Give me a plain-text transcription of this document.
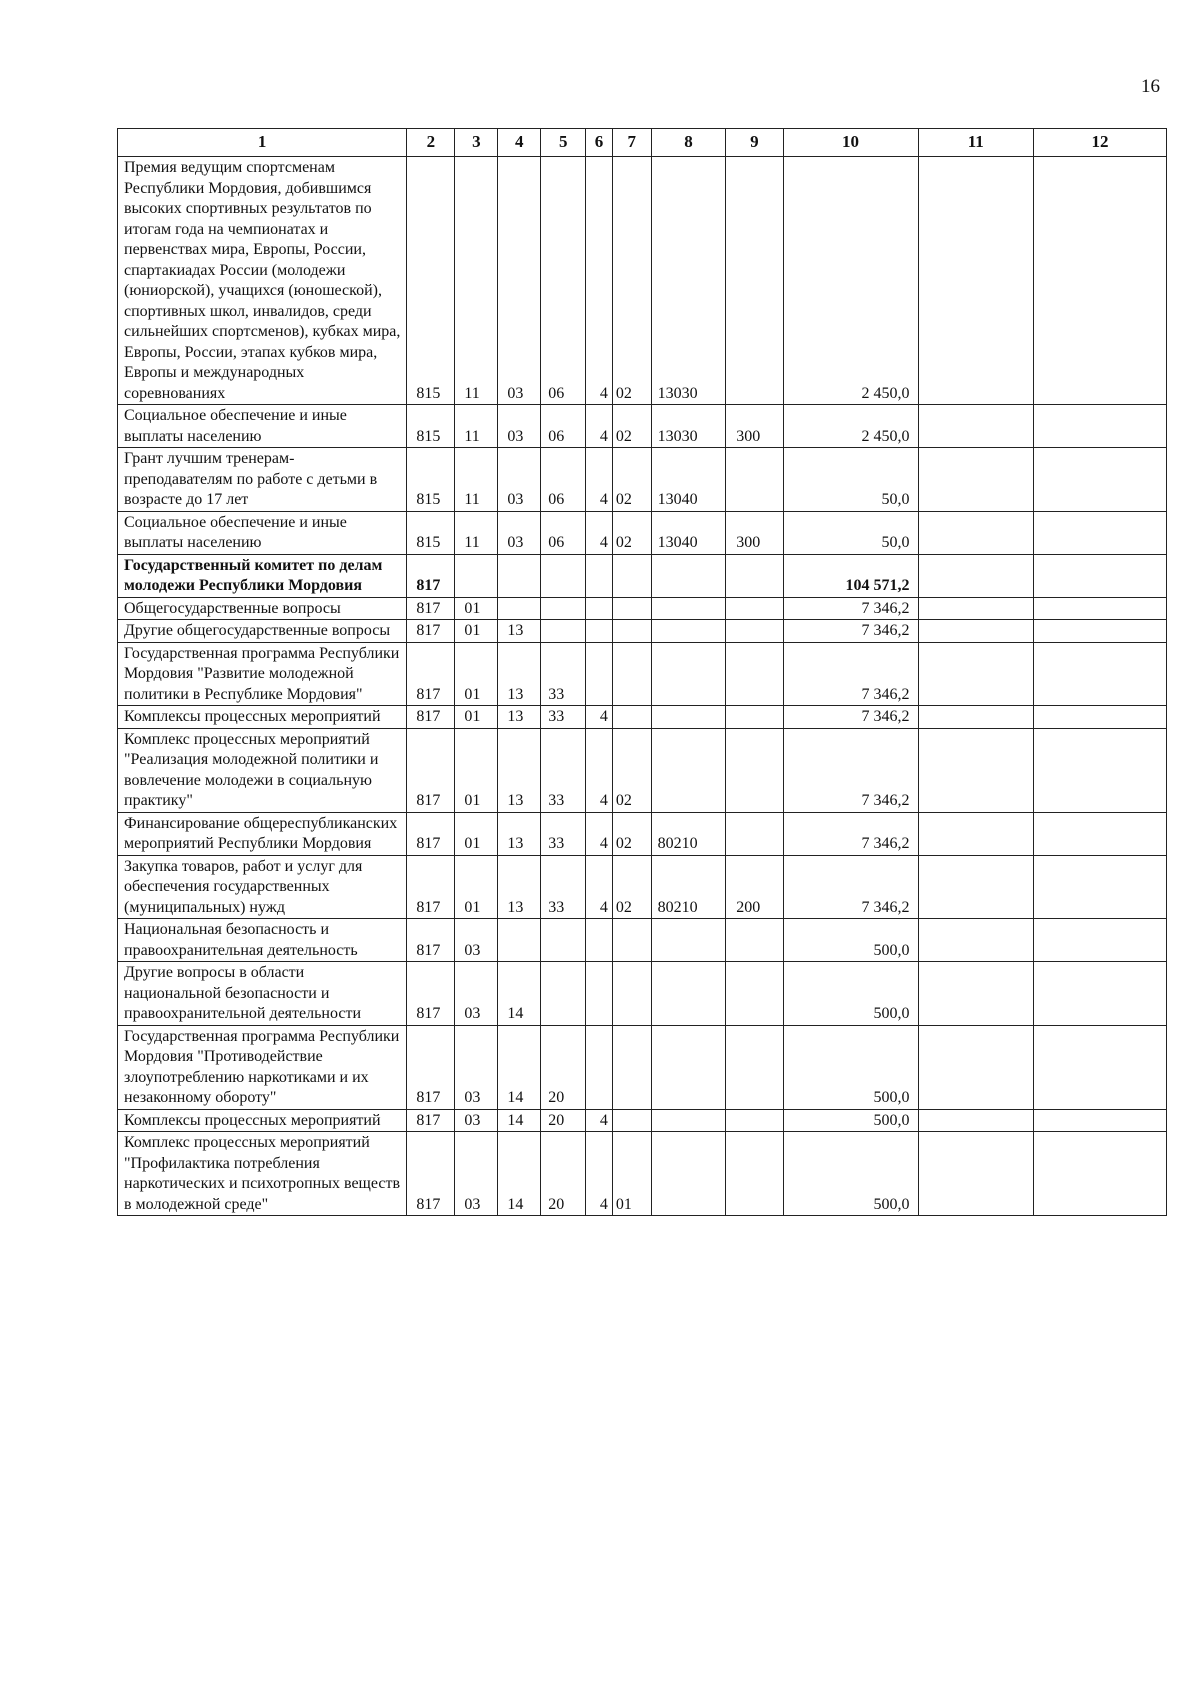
16
1	2	3	4	5	6	7	8	9	10	11	12
Премия ведущим спортсменам Республики Мордовия, добившимся высоких спортивных результатов по итогам года на чемпионатах и первенствах мира, Европы, России, спартакиадах России (молодежи (юниорской), учащихся (юношеской), спортивных школ, инвалидов, среди сильнейших спортсменов), кубках мира, Европы, России, этапах кубков мира, Европы и международных соревнованиях	815	11	03	06	4	02	13030		2 450,0		
Социальное обеспечение и иные выплаты населению	815	11	03	06	4	02	13030	300	2 450,0		
Грант лучшим тренерам-преподавателям по работе с детьми в возрасте до 17 лет	815	11	03	06	4	02	13040		50,0		
Социальное обеспечение и иные выплаты населению	815	11	03	06	4	02	13040	300	50,0		
Государственный комитет по делам молодежи Республики Мордовия	817								104 571,2		
Общегосударственные вопросы	817	01							7 346,2		
Другие общегосударственные вопросы	817	01	13						7 346,2		
Государственная программа Республики Мордовия "Развитие молодежной политики в Республике Мордовия"	817	01	13	33					7 346,2		
Комплексы процессных мероприятий	817	01	13	33	4				7 346,2		
Комплекс процессных мероприятий "Реализация молодежной политики и вовлечение молодежи в социальную практику"	817	01	13	33	4	02			7 346,2		
Финансирование общереспубликанских мероприятий Республики Мордовия	817	01	13	33	4	02	80210		7 346,2		
Закупка товаров, работ и услуг для обеспечения государственных (муниципальных) нужд	817	01	13	33	4	02	80210	200	7 346,2		
Национальная безопасность и правоохранительная деятельность	817	03							500,0		
Другие вопросы в области национальной безопасности и правоохранительной деятельности	817	03	14						500,0		
Государственная программа Республики Мордовия "Противодействие злоупотреблению наркотиками и их незаконному обороту"	817	03	14	20					500,0		
Комплексы процессных мероприятий	817	03	14	20	4				500,0		
Комплекс процессных мероприятий "Профилактика потребления наркотических и психотропных веществ в молодежной среде"	817	03	14	20	4	01			500,0		
